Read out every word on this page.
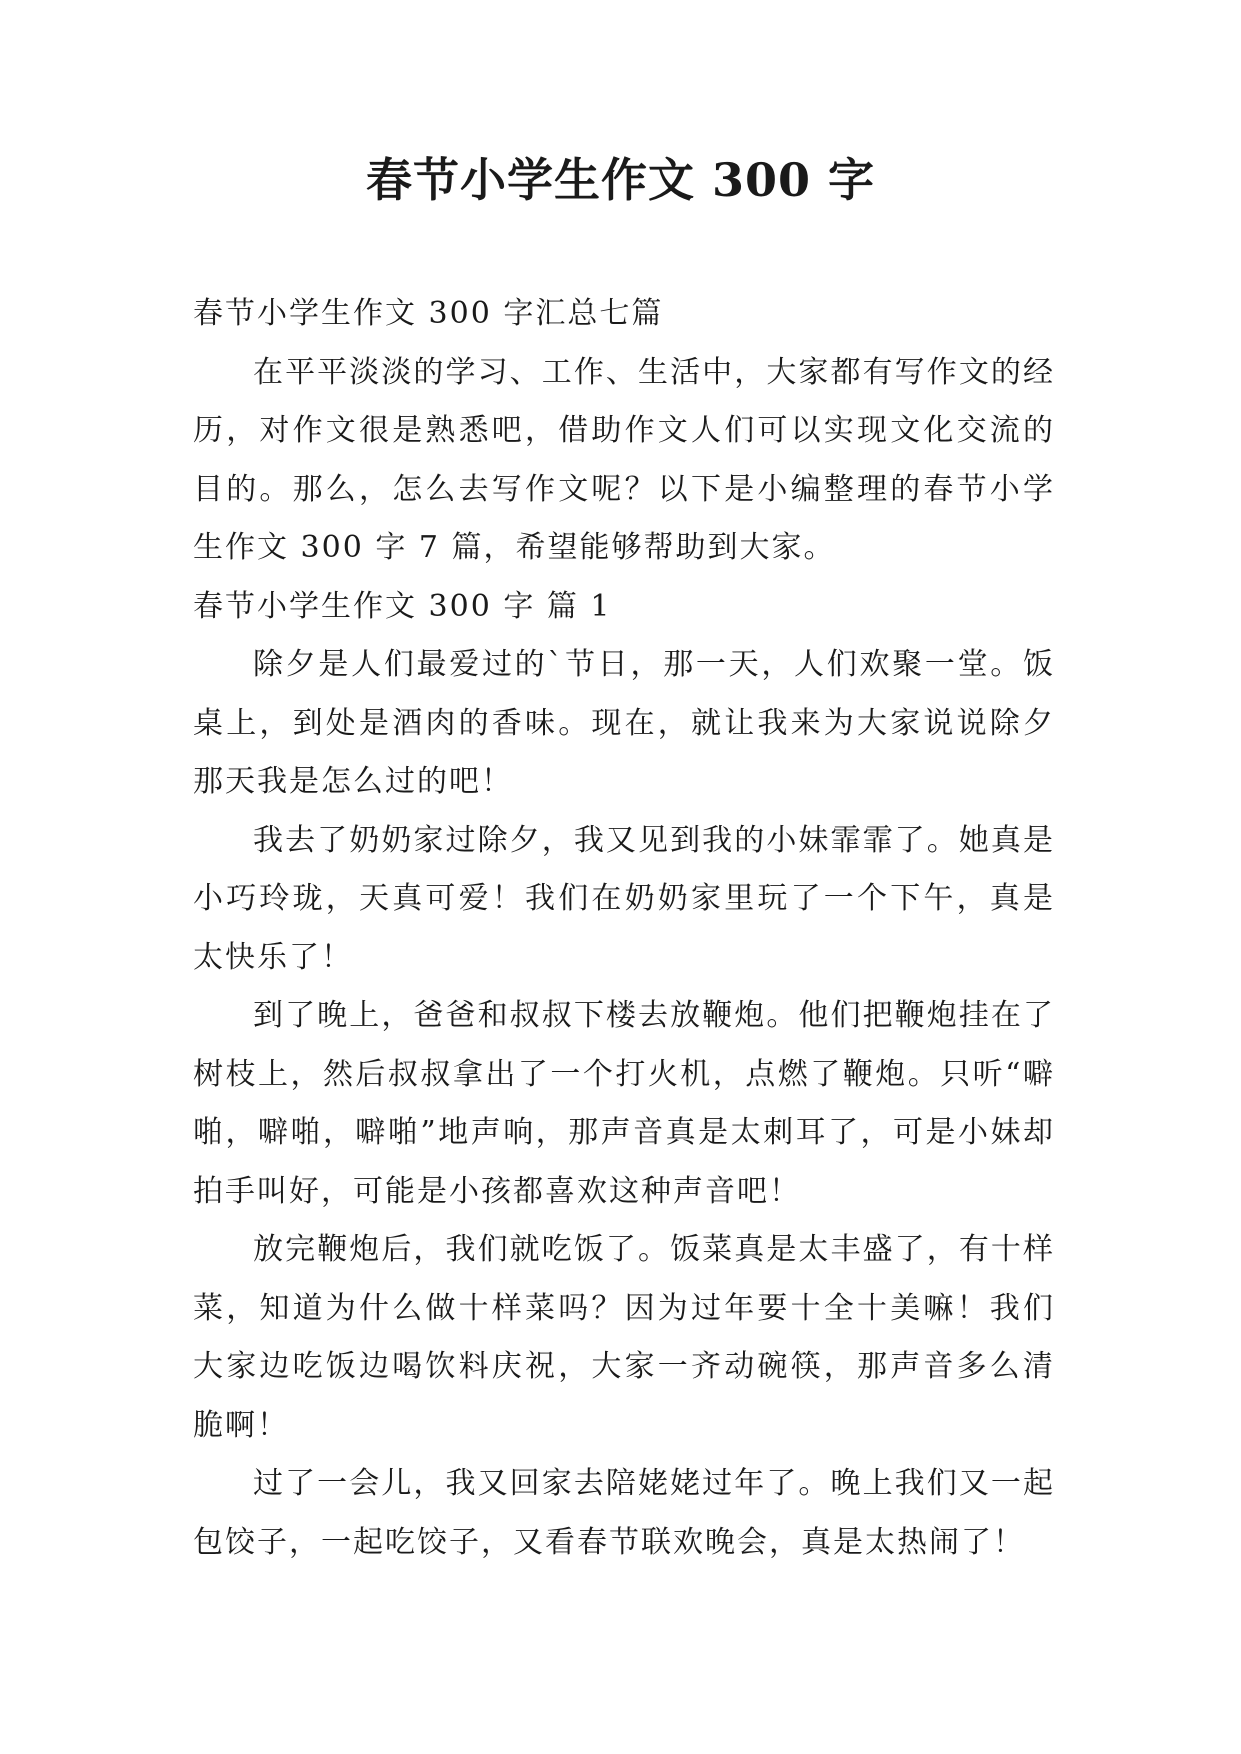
春节小学生作文 300 字

春节小学生作文 300 字汇总七篇

在平平淡淡的学习、工作、生活中，大家都有写作文的经历，对作文很是熟悉吧，借助作文人们可以实现文化交流的目的。那么，怎么去写作文呢？以下是小编整理的春节小学生作文 300 字 7 篇，希望能够帮助到大家。

春节小学生作文 300 字 篇 1

除夕是人们最爱过的`节日，那一天，人们欢聚一堂。饭桌上，到处是酒肉的香味。现在，就让我来为大家说说除夕那天我是怎么过的吧！

我去了奶奶家过除夕，我又见到我的小妹霏霏了。她真是小巧玲珑，天真可爱！我们在奶奶家里玩了一个下午，真是太快乐了！

到了晚上，爸爸和叔叔下楼去放鞭炮。他们把鞭炮挂在了树枝上，然后叔叔拿出了一个打火机，点燃了鞭炮。只听“噼啪，噼啪，噼啪”地声响，那声音真是太刺耳了，可是小妹却拍手叫好，可能是小孩都喜欢这种声音吧！

放完鞭炮后，我们就吃饭了。饭菜真是太丰盛了，有十样菜，知道为什么做十样菜吗？因为过年要十全十美嘛！我们大家边吃饭边喝饮料庆祝，大家一齐动碗筷，那声音多么清脆啊！

过了一会儿，我又回家去陪姥姥过年了。晚上我们又一起包饺子，一起吃饺子，又看春节联欢晚会，真是太热闹了！
